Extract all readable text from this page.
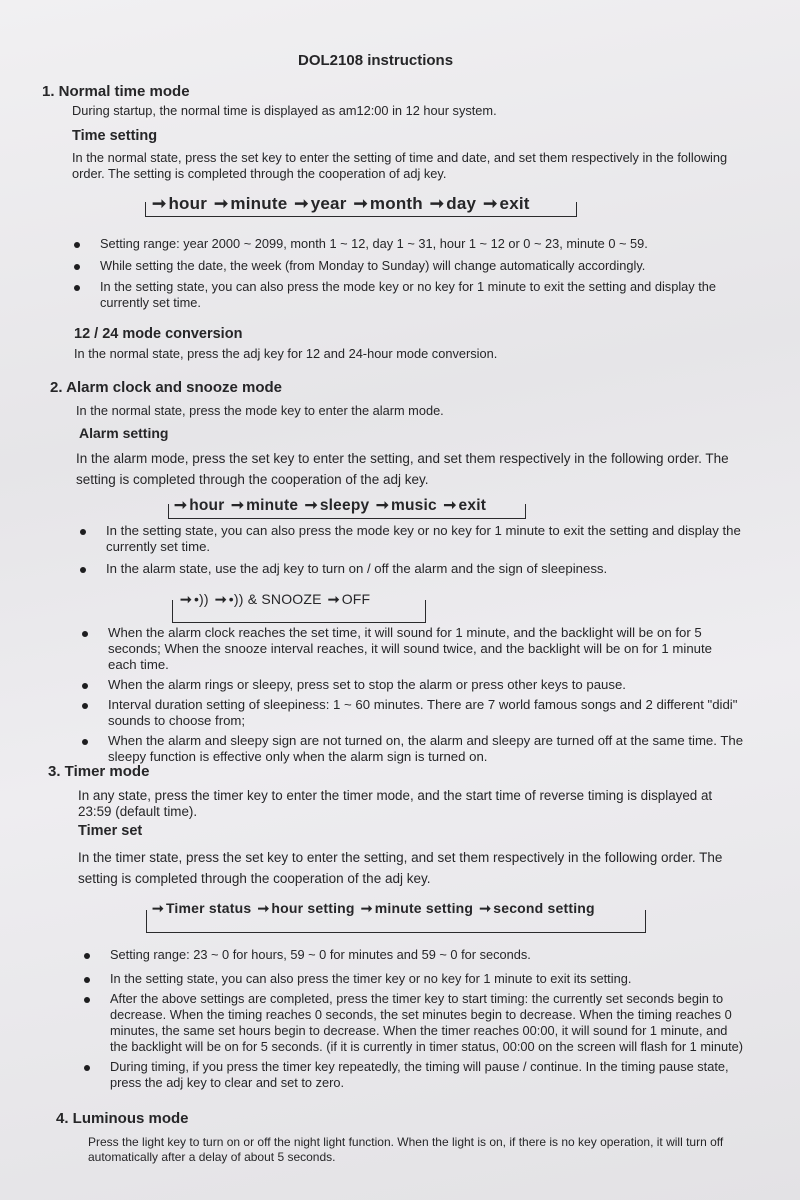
DOL2108 instructions
1. Normal time mode
During startup, the normal time is displayed as am12:00 in 12 hour system.
Time setting
In the normal state, press the set key to enter the setting of time and date, and set them respectively in the following order. The setting is completed through the cooperation of adj key.
➞ hour ➞ minute ➞ year ➞ month ➞ day ➞ exit
Setting range: year 2000 ~ 2099, month 1 ~ 12, day 1 ~ 31, hour 1 ~ 12 or 0 ~ 23, minute 0 ~ 59.
While setting the date, the week (from Monday to Sunday) will change automatically accordingly.
In the setting state, you can also press the mode key or no key for 1 minute to exit the setting and display the currently set time.
12 / 24 mode conversion
In the normal state, press the adj key for 12 and 24-hour mode conversion.
2. Alarm clock and snooze mode
In the normal state, press the mode key to enter the alarm mode.
Alarm setting
In the alarm mode, press the set key to enter the setting, and set them respectively in the following order. The setting is completed through the cooperation of the adj key.
➞ hour ➞ minute ➞ sleepy ➞ music ➞ exit
In the setting state, you can also press the mode key or no key for 1 minute to exit the setting and display the currently set time.
In the alarm state, use the adj key to turn on / off the alarm and the sign of sleepiness.
➞ •)) ➞ •)) & SNOOZE ➞ OFF
When the alarm clock reaches the set time, it will sound for 1 minute, and the backlight will be on for 5 seconds; When the snooze interval reaches, it will sound twice, and the backlight will be on for 1 minute each time.
When the alarm rings or sleepy, press set to stop the alarm or press other keys to pause.
Interval duration setting of sleepiness: 1 ~ 60 minutes. There are 7 world famous songs and 2 different "didi" sounds to choose from;
When the alarm and sleepy sign are not turned on, the alarm and sleepy are turned off at the same time. The sleepy function is effective only when the alarm sign is turned on.
3. Timer mode
In any state, press the timer key to enter the timer mode, and the start time of reverse timing is displayed at 23:59 (default time).
Timer set
In the timer state, press the set key to enter the setting, and set them respectively in the following order. The setting is completed through the cooperation of the adj key.
➞ Timer status ➞ hour setting ➞ minute setting ➞ second setting
Setting range: 23 ~ 0 for hours, 59 ~ 0 for minutes and 59 ~ 0 for seconds.
In the setting state, you can also press the timer key or no key for 1 minute to exit its setting.
After the above settings are completed, press the timer key to start timing: the currently set seconds begin to decrease. When the timing reaches 0 seconds, the set minutes begin to decrease. When the timing reaches 0 minutes, the same set hours begin to decrease. When the timer reaches 00:00, it will sound for 1 minute, and the backlight will be on for 5 seconds. (if it is currently in timer status, 00:00 on the screen will flash for 1 minute)
During timing, if you press the timer key repeatedly, the timing will pause / continue. In the timing pause state, press the adj key to clear and set to zero.
4. Luminous mode
Press the light key to turn on or off the night light function. When the light is on, if there is no key operation, it will turn off automatically after a delay of about 5 seconds.
